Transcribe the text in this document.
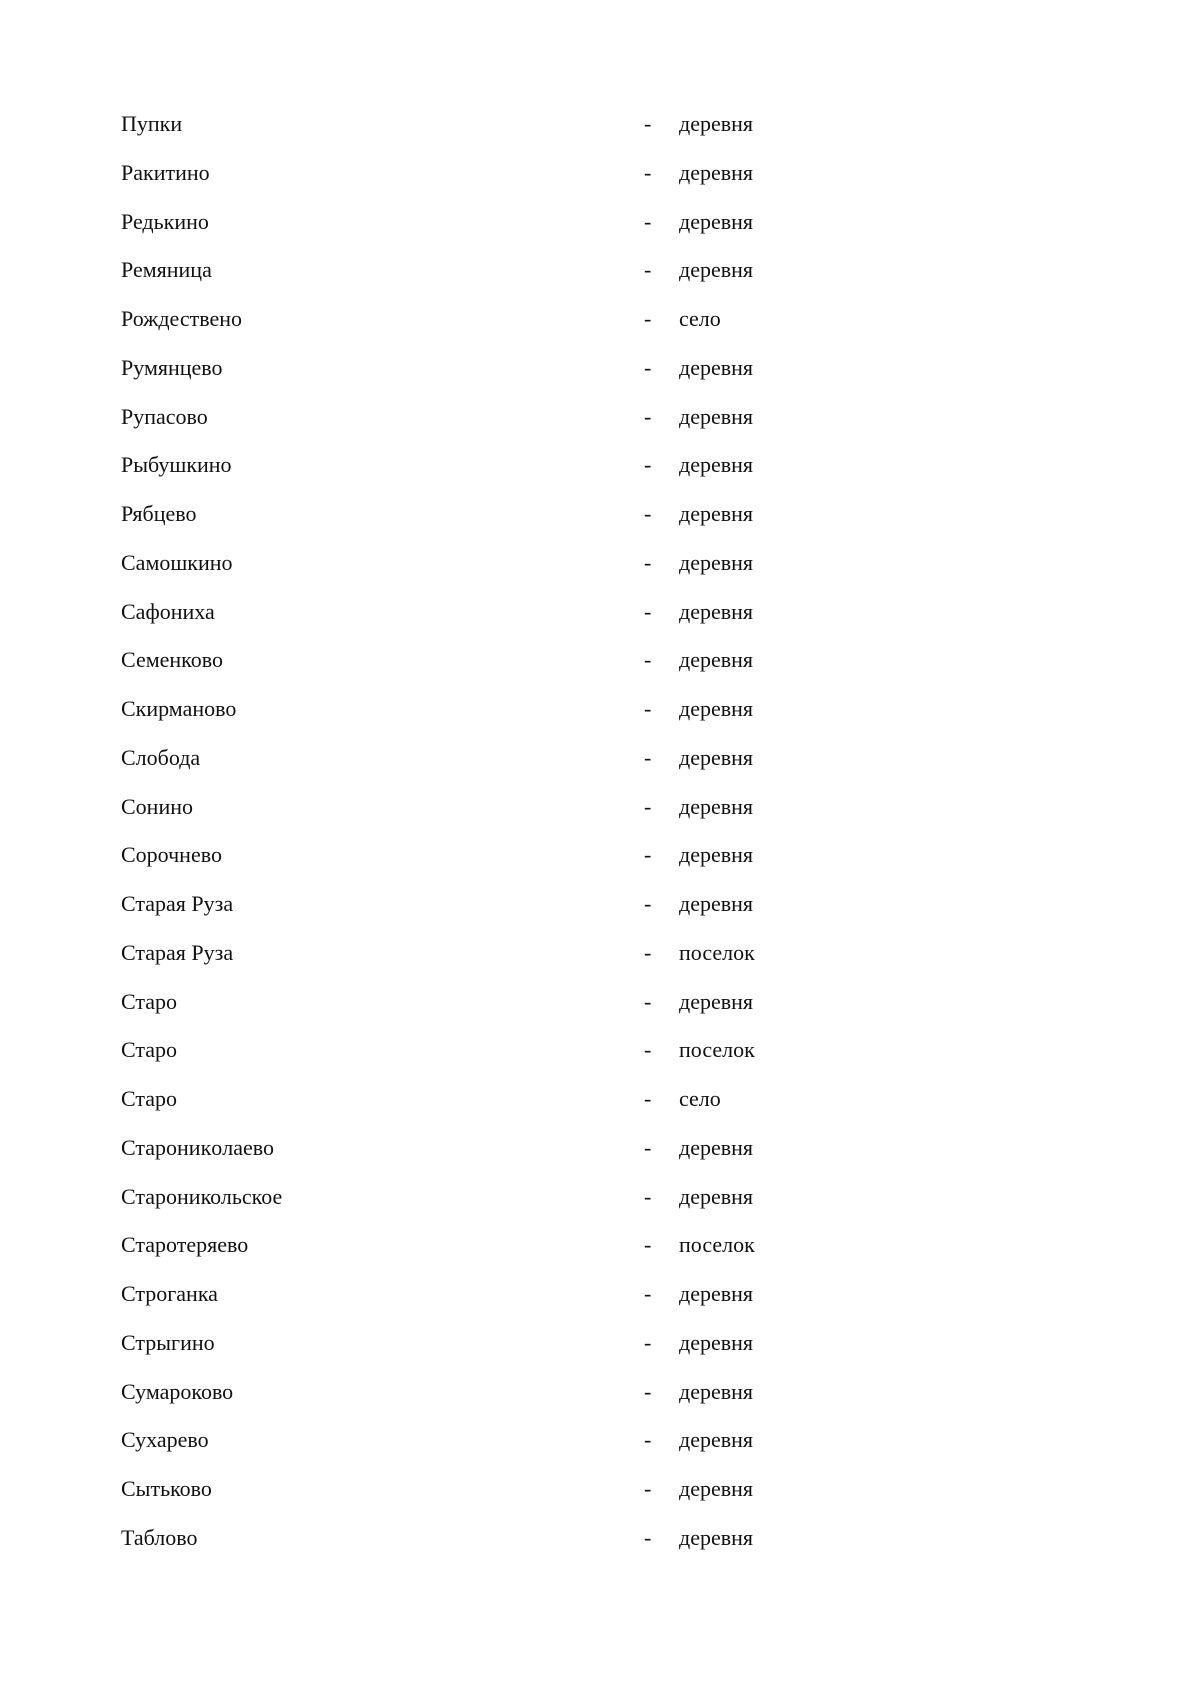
Пупки	- деревня
Ракитино	- деревня
Редькино	- деревня
Ремяница	- деревня
Рождествено	- село
Румянцево	- деревня
Рупасово	- деревня
Рыбушкино	- деревня
Рябцево	- деревня
Самошкино	- деревня
Сафониха	- деревня
Семенково	- деревня
Скирманово	- деревня
Слобода	- деревня
Сонино	- деревня
Сорочнево	- деревня
Старая Руза	- деревня
Старая Руза	- поселок
Старо	- деревня
Старо	- поселок
Старо	- село
Староникoлаево	- деревня
Старoникольское	- деревня
Старотеряево	- поселок
Строганка	- деревня
Стрыгино	- деревня
Сумароково	- деревня
Сухарево	- деревня
Сытьково	- деревня
Таблово	- деревня
